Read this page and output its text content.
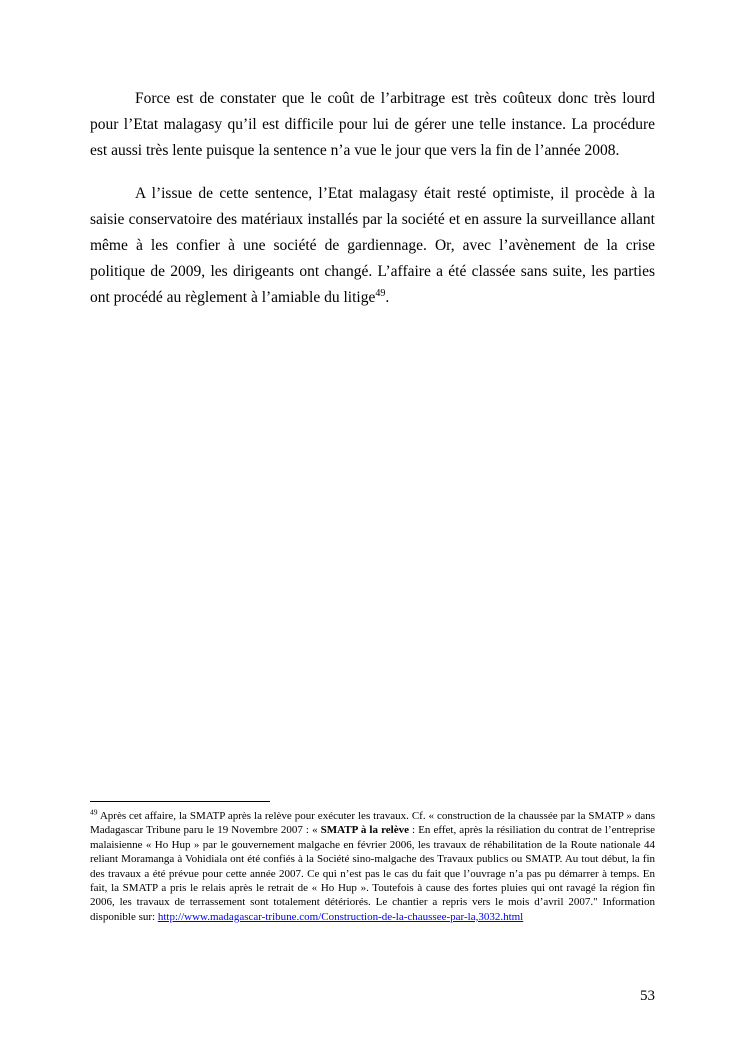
Force est de constater que le coût de l’arbitrage est très coûteux donc très lourd pour l’Etat malagasy qu’il est difficile pour lui de gérer une telle instance. La procédure est aussi très lente puisque la sentence n’a vue le jour que vers la fin de l’année 2008.

A l’issue de cette sentence, l’Etat malagasy était resté optimiste, il procède à la saisie conservatoire des matériaux installés par la société et en assure la surveillance allant même à les confier à une société de gardiennage. Or, avec l’avènement de la crise politique de 2009, les dirigeants ont changé. L’affaire a été classée sans suite, les parties ont procédé au règlement à l’amiable du litige$^{49}$.

$^{49}$ Après cet affaire, la SMATP après la relève pour exécuter les travaux. Cf. « construction de la chaussée par la SMATP » dans Madagascar Tribune paru le 19 Novembre 2007 : « SMATP à la relève : En effet, après la résiliation du contrat de l’entreprise malaisienne « Ho Hup » par le gouvernement malgache en février 2006, les travaux de réhabilitation de la Route nationale 44 reliant Moramanga à Vohidiala ont été confiés à la Société sino-malgache des Travaux publics ou SMATP. Au tout début, la fin des travaux a été prévue pour cette année 2007. Ce qui n’est pas le cas du fait que l’ouvrage n’a pas pu démarrer à temps. En fait, la SMATP a pris le relais après le retrait de « Ho Hup ». Toutefois à cause des fortes pluies qui ont ravagé la région fin 2006, les travaux de terrassement sont totalement détériorés. Le chantier a repris vers le mois d’avril 2007." Information disponible sur: http://www.madagascar-tribune.com/Construction-de-la-chaussee-par-la,3032.html
53
